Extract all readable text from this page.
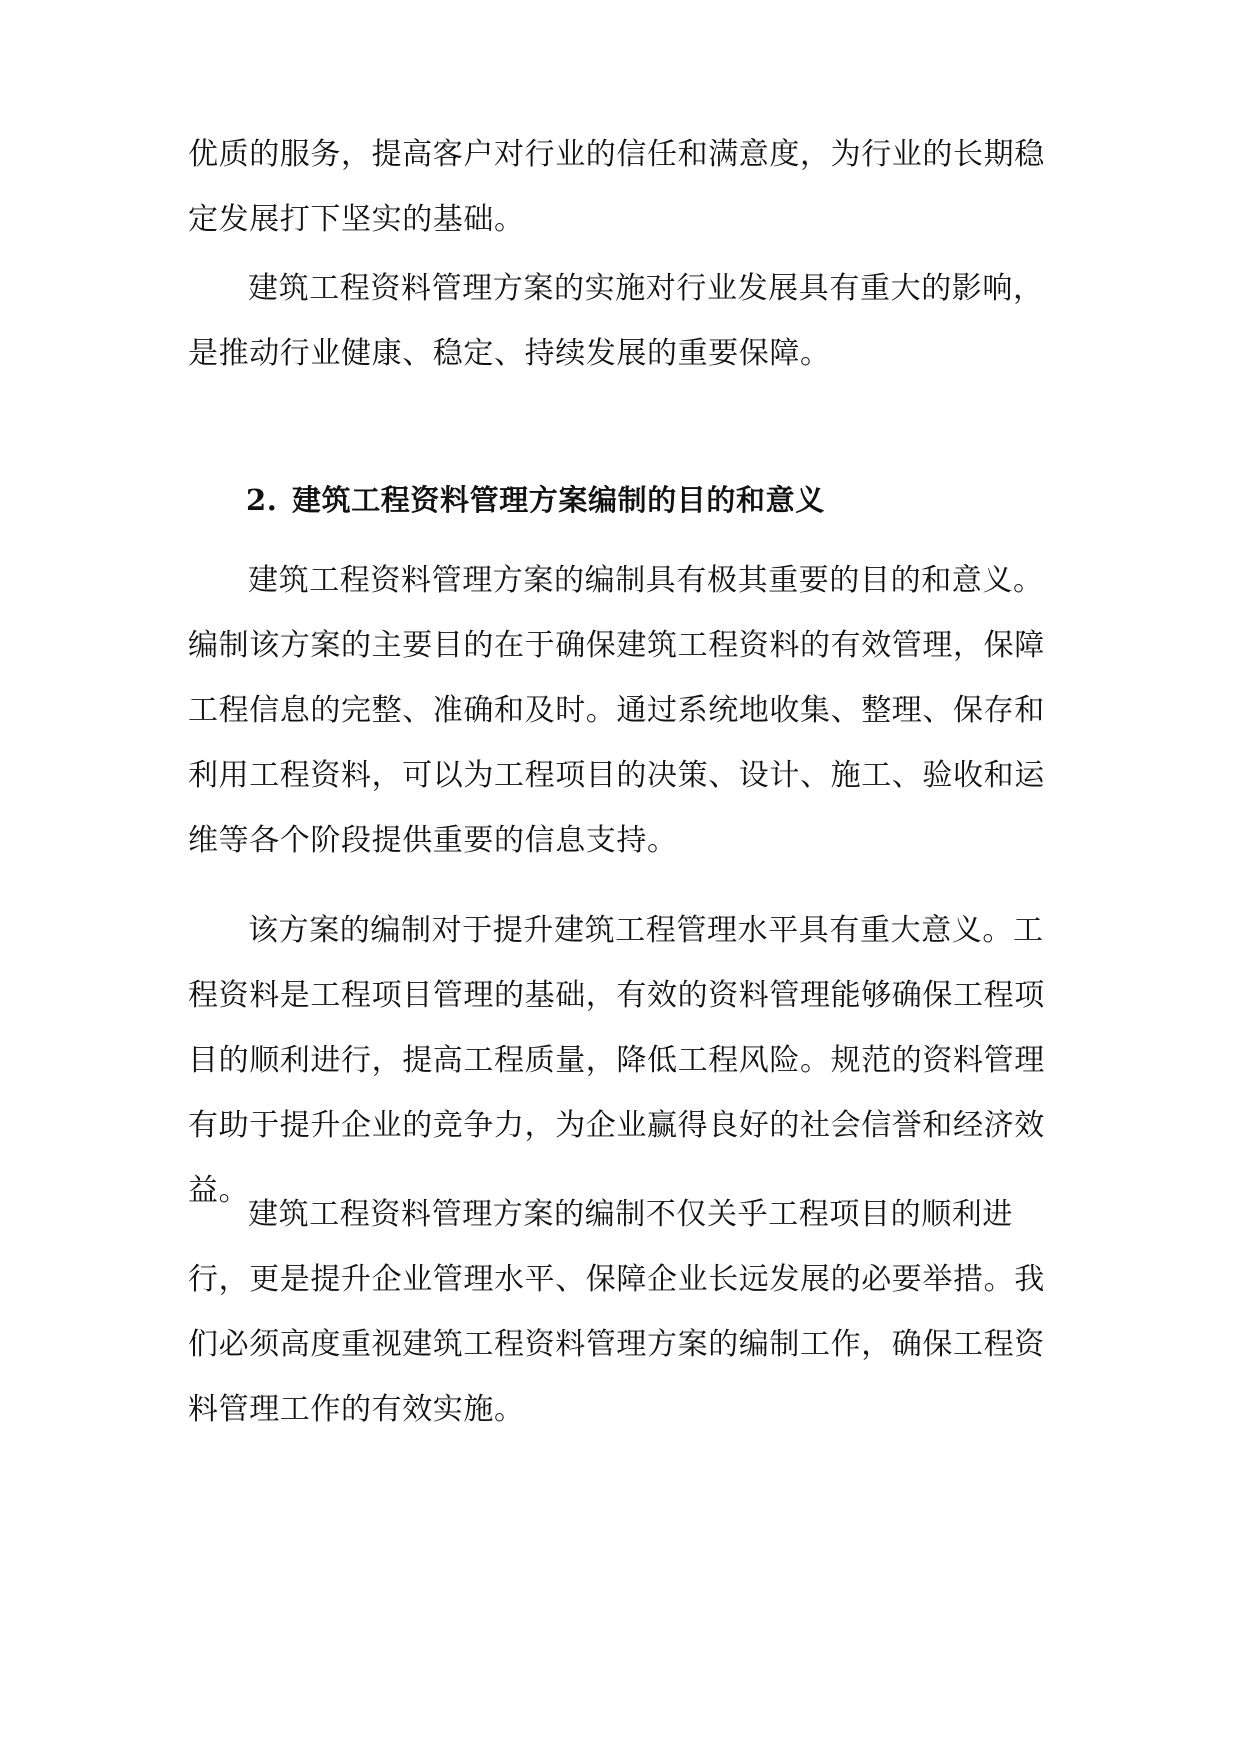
优质的服务，提高客户对行业的信任和满意度，为行业的长期稳定发展打下坚实的基础。

建筑工程资料管理方案的实施对行业发展具有重大的影响，是推动行业健康、稳定、持续发展的重要保障。

2. 建筑工程资料管理方案编制的目的和意义

建筑工程资料管理方案的编制具有极其重要的目的和意义。编制该方案的主要目的在于确保建筑工程资料的有效管理，保障工程信息的完整、准确和及时。通过系统地收集、整理、保存和利用工程资料，可以为工程项目的决策、设计、施工、验收和运维等各个阶段提供重要的信息支持。

该方案的编制对于提升建筑工程管理水平具有重大意义。工程资料是工程项目管理的基础，有效的资料管理能够确保工程项目的顺利进行，提高工程质量，降低工程风险。规范的资料管理有助于提升企业的竞争力，为企业赢得良好的社会信誉和经济效益。

建筑工程资料管理方案的编制不仅关乎工程项目的顺利进行，更是提升企业管理水平、保障企业长远发展的必要举措。我们必须高度重视建筑工程资料管理方案的编制工作，确保工程资料管理工作的有效实施。
